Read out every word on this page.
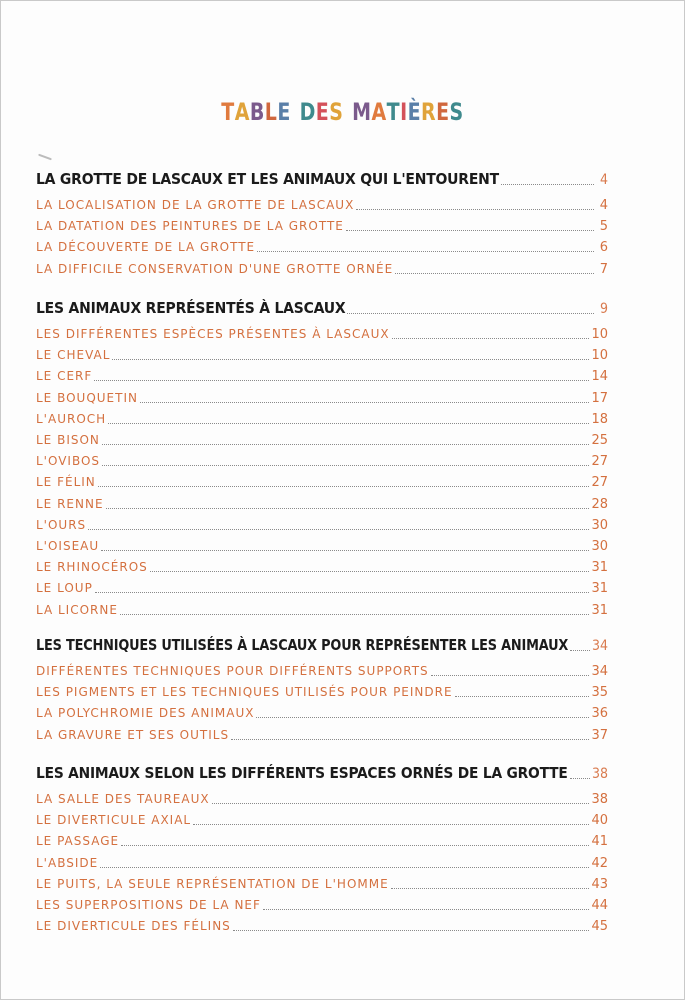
TABLE DES MATIÈRES
LA GROTTE DE LASCAUX ET LES ANIMAUX QUI L'ENTOURENT	4
LA LOCALISATION DE LA GROTTE DE LASCAUX	4
LA DATATION DES PEINTURES DE LA GROTTE	5
LA DÉCOUVERTE DE LA GROTTE	6
LA DIFFICILE CONSERVATION D'UNE GROTTE ORNÉE	7
LES ANIMAUX REPRÉSENTÉS À LASCAUX	9
LES DIFFÉRENTES ESPÈCES PRÉSENTES À LASCAUX	10
LE CHEVAL	10
LE CERF	14
LE BOUQUETIN	17
L'AUROCH	18
LE BISON	25
L'OVIBOS	27
LE FÉLIN	27
LE RENNE	28
L'OURS	30
L'OISEAU	30
LE RHINOCÉROS	31
LE LOUP	31
LA LICORNE	31
LES TECHNIQUES UTILISÉES À LASCAUX POUR REPRÉSENTER LES ANIMAUX 34
DIFFÉRENTES TECHNIQUES POUR DIFFÉRENTS SUPPORTS	34
LES PIGMENTS ET LES TECHNIQUES UTILISÉS POUR PEINDRE	35
LA POLYCHROMIE DES ANIMAUX	36
LA GRAVURE ET SES OUTILS	37
LES ANIMAUX SELON LES DIFFÉRENTS ESPACES ORNÉS DE LA GROTTE 38
LA SALLE DES TAUREAUX	38
LE DIVERTICULE AXIAL	40
LE PASSAGE	41
L'ABSIDE	42
LE PUITS, LA SEULE REPRÉSENTATION DE L'HOMME	43
LES SUPERPOSITIONS DE LA NEF	44
LE DIVERTICULE DES FÉLINS	45
